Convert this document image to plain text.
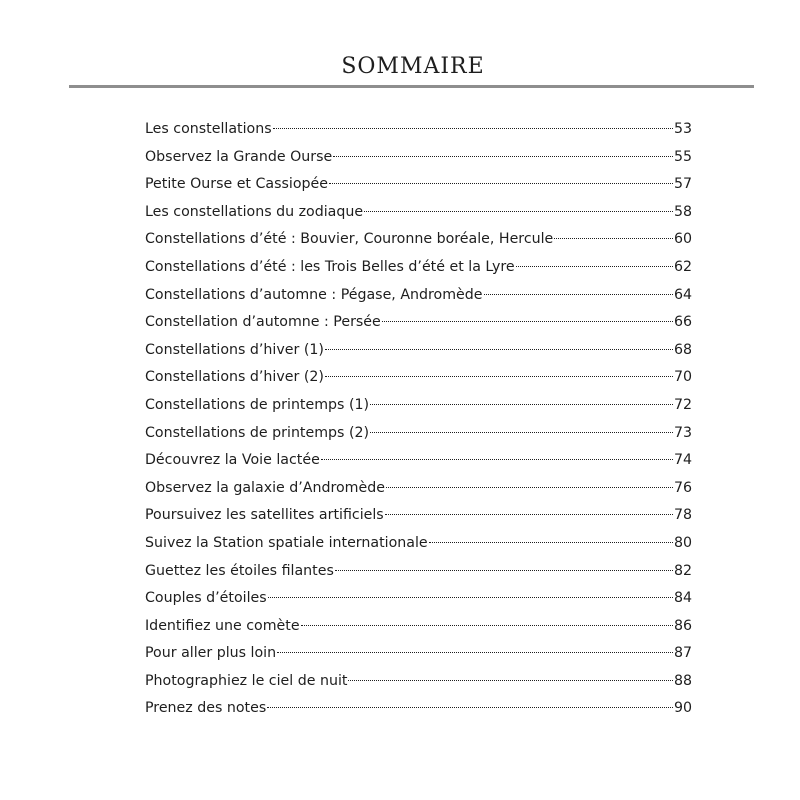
SOMMAIRE
Les constellations	53
Observez la Grande Ourse	55
Petite Ourse et Cassiopée	57
Les constellations du zodiaque	58
Constellations d’été : Bouvier, Couronne boréale, Hercule	60
Constellations d’été : les Trois Belles d’été et la Lyre	62
Constellations d’automne : Pégase, Andromède	64
Constellation d’automne : Persée	66
Constellations d’hiver (1)	68
Constellations d’hiver (2)	70
Constellations de printemps (1)	72
Constellations de printemps (2)	73
Découvrez la Voie lactée	74
Observez la galaxie d’Andromède	76
Poursuivez les satellites artificiels	78
Suivez la Station spatiale internationale	80
Guettez les étoiles filantes	82
Couples d’étoiles	84
Identifiez une comète	86
Pour aller plus loin	87
Photographiez le ciel de nuit	88
Prenez des notes	90
